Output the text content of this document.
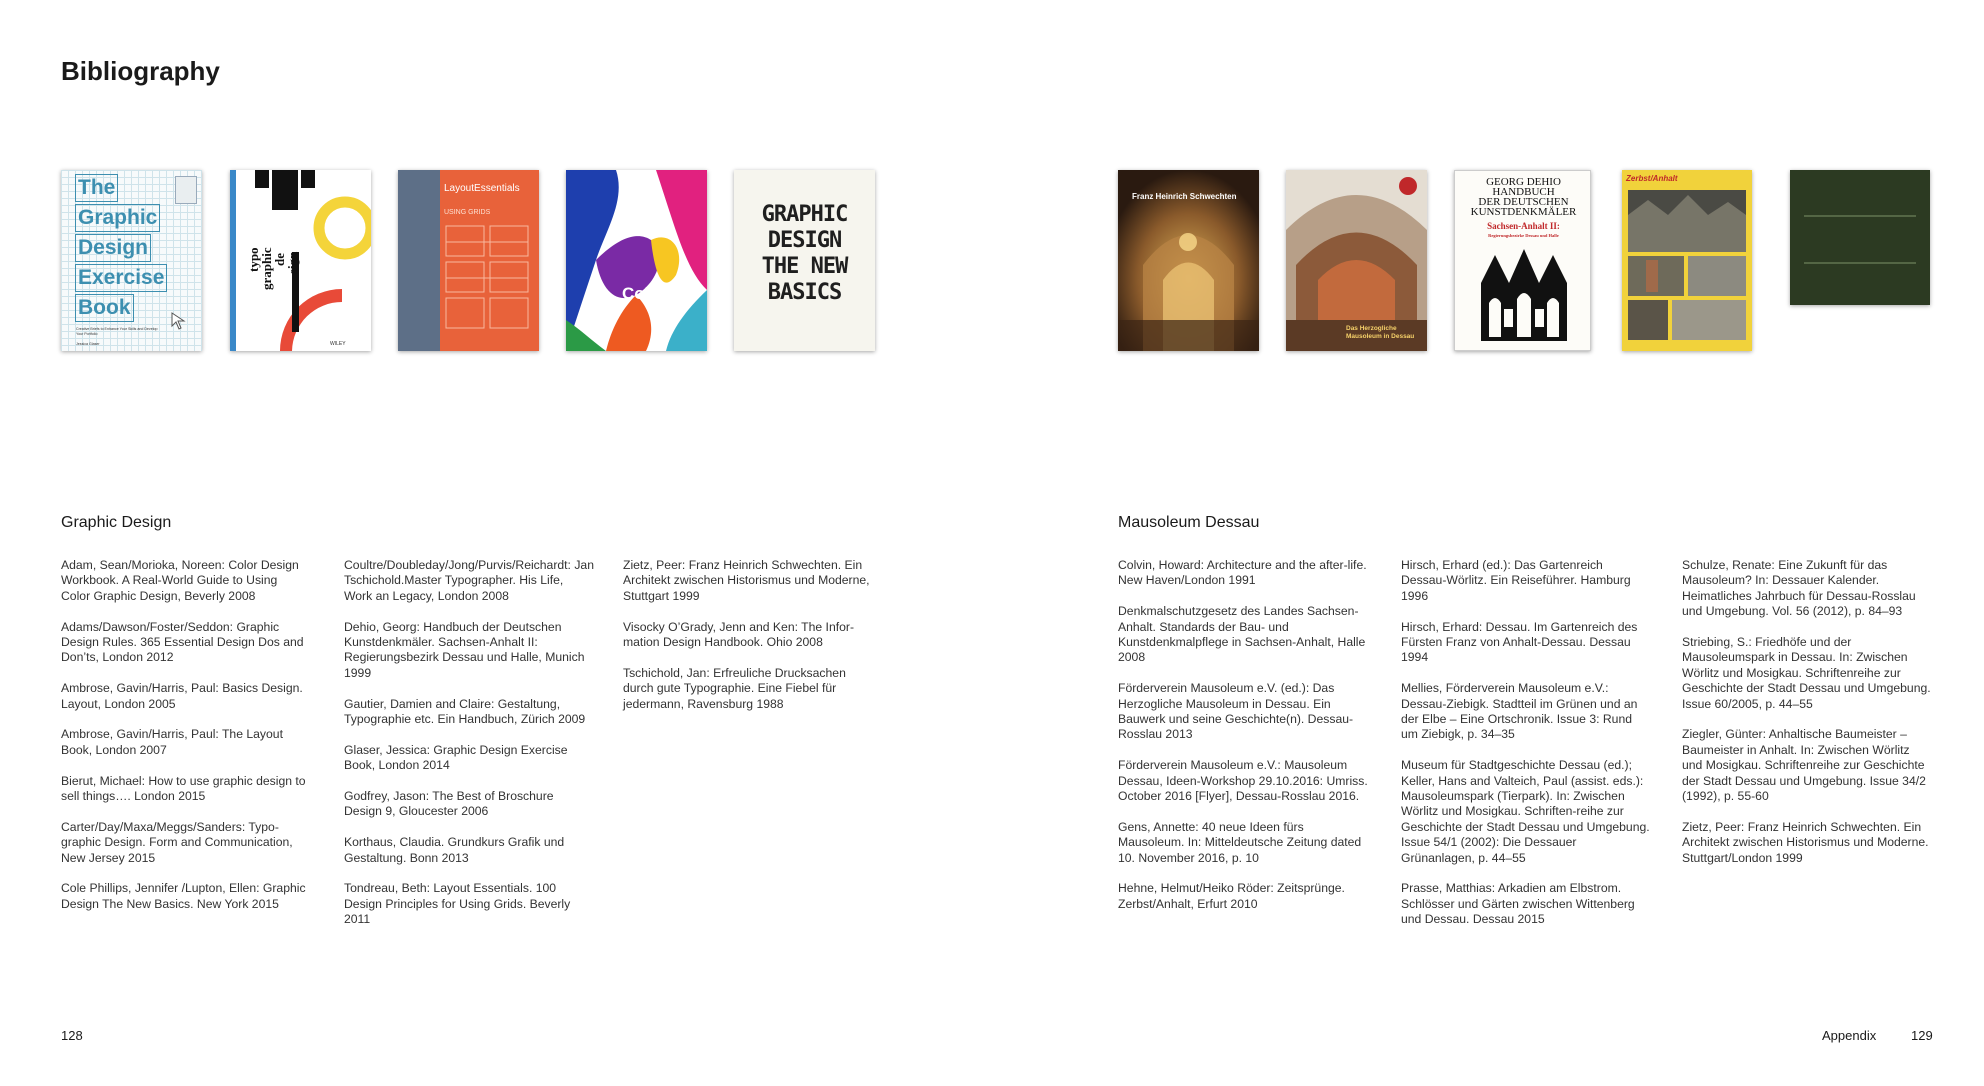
Bibliography
The
Graphic
Design
Exercise
Book
Creative Briefs to Enhance Your Skills and Develop Your Portfolio
Jessica Glaser	WILEY
typo
graphic
de
sign
LayoutEssentials
USING GRIDS
Colour
GRAPHIC
DESIGN
THE NEW
BASICS
Franz Heinrich Schwechten
Das Herzogliche Mausoleum in Dessau
GEORG DEHIO
HANDBUCH
DER DEUTSCHEN
KUNSTDENKMÄLER
Sachsen-Anhalt II:
Regierungsbezirke Dessau und Halle
Zerbst/Anhalt
Graphic Design	Mausoleum Dessau

Adam, Sean/Morioka, Noreen: Color Design Workbook. A Real-World Guide to Using Color Graphic Design, Beverly 2008

Adams/Dawson/Foster/Seddon: Graphic Design Rules. 365 Essential Design Dos and Don’ts, London 2012

Ambrose, Gavin/Harris, Paul: Basics Design. Layout, London 2005

Ambrose, Gavin/Harris, Paul: The Layout Book, London 2007

Bierut, Michael: How to use graphic design to sell things…. London 2015

Carter/Day/Maxa/Meggs/Sanders: Typo-graphic Design. Form and Communication, New Jersey 2015

Cole Phillips, Jennifer /Lupton, Ellen: Graphic Design The New Basics. New York 2015

Coultre/Doubleday/Jong/Purvis/Reichardt: Jan Tschichold.Master Typographer. His Life, Work an Legacy, London 2008

Dehio, Georg: Handbuch der Deutschen Kunstdenkmäler. Sachsen-Anhalt II: Regierungsbezirk Dessau und Halle, Munich 1999

Gautier, Damien and Claire: Gestaltung, Typographie etc. Ein Handbuch, Zürich 2009

Glaser, Jessica: Graphic Design Exercise Book, London 2014

Godfrey, Jason: The Best of Broschure Design 9, Gloucester 2006

Korthaus, Claudia. Grundkurs Grafik und Gestaltung. Bonn 2013

Tondreau, Beth: Layout Essentials. 100 Design Principles for Using Grids. Beverly 2011

Zietz, Peer: Franz Heinrich Schwechten. Ein Architekt zwischen Historismus und Moderne, Stuttgart 1999

Visocky O’Grady, Jenn and Ken: The Infor-mation Design Handbook. Ohio 2008

Tschichold, Jan: Erfreuliche Drucksachen durch gute Typographie. Eine Fiebel für jedermann, Ravensburg 1988

Colvin, Howard: Architecture and the after-life. New Haven/London 1991

Denkmalschutzgesetz des Landes Sachsen-Anhalt. Standards der Bau- und Kunstdenkmalpflege in Sachsen-Anhalt, Halle 2008

Förderverein Mausoleum e.V. (ed.): Das Herzogliche Mausoleum in Dessau. Ein Bauwerk und seine Geschichte(n). Dessau-Rosslau 2013

Förderverein Mausoleum e.V.: Mausoleum Dessau, Ideen-Workshop 29.10.2016: Umriss. October 2016 [Flyer], Dessau-Rosslau 2016.

Gens, Annette: 40 neue Ideen fürs Mausoleum. In: Mitteldeutsche Zeitung dated 10. November 2016, p. 10

Hehne, Helmut/Heiko Röder: Zeitsprünge. Zerbst/Anhalt, Erfurt 2010

Hirsch, Erhard (ed.): Das Gartenreich Dessau-Wörlitz. Ein Reiseführer. Hamburg 1996

Hirsch, Erhard: Dessau. Im Gartenreich des Fürsten Franz von Anhalt-Dessau. Dessau 1994

Mellies, Förderverein Mausoleum e.V.: Dessau-Ziebigk. Stadtteil im Grünen und an der Elbe – Eine Ortschronik. Issue 3: Rund um Ziebigk, p. 34–35

Museum für Stadtgeschichte Dessau (ed.); Keller, Hans and Valteich, Paul (assist. eds.): Mausoleumspark (Tierpark). In: Zwischen Wörlitz und Mosigkau. Schriften-reihe zur Geschichte der Stadt Dessau und Umgebung. Issue 54/1 (2002): Die Dessauer Grünanlagen, p. 44–55

Prasse, Matthias: Arkadien am Elbstrom. Schlösser und Gärten zwischen Wittenberg und Dessau. Dessau 2015

Schulze, Renate: Eine Zukunft für das Mausoleum? In: Dessauer Kalender. Heimatliches Jahrbuch für Dessau-Rosslau und Umgebung. Vol. 56 (2012), p. 84–93

Striebing, S.: Friedhöfe und der Mausoleumspark in Dessau. In: Zwischen Wörlitz und Mosigkau. Schriftenreihe zur Geschichte der Stadt Dessau und Umgebung. Issue 60/2005, p. 44–55

Ziegler, Günter: Anhaltische Baumeister – Baumeister in Anhalt. In: Zwischen Wörlitz und Mosigkau. Schriftenreihe zur Geschichte der Stadt Dessau und Umgebung. Issue 34/2 (1992), p. 55-60

Zietz, Peer: Franz Heinrich Schwechten. Ein Architekt zwischen Historismus und Moderne. Stuttgart/London 1999

128	Appendix	129
